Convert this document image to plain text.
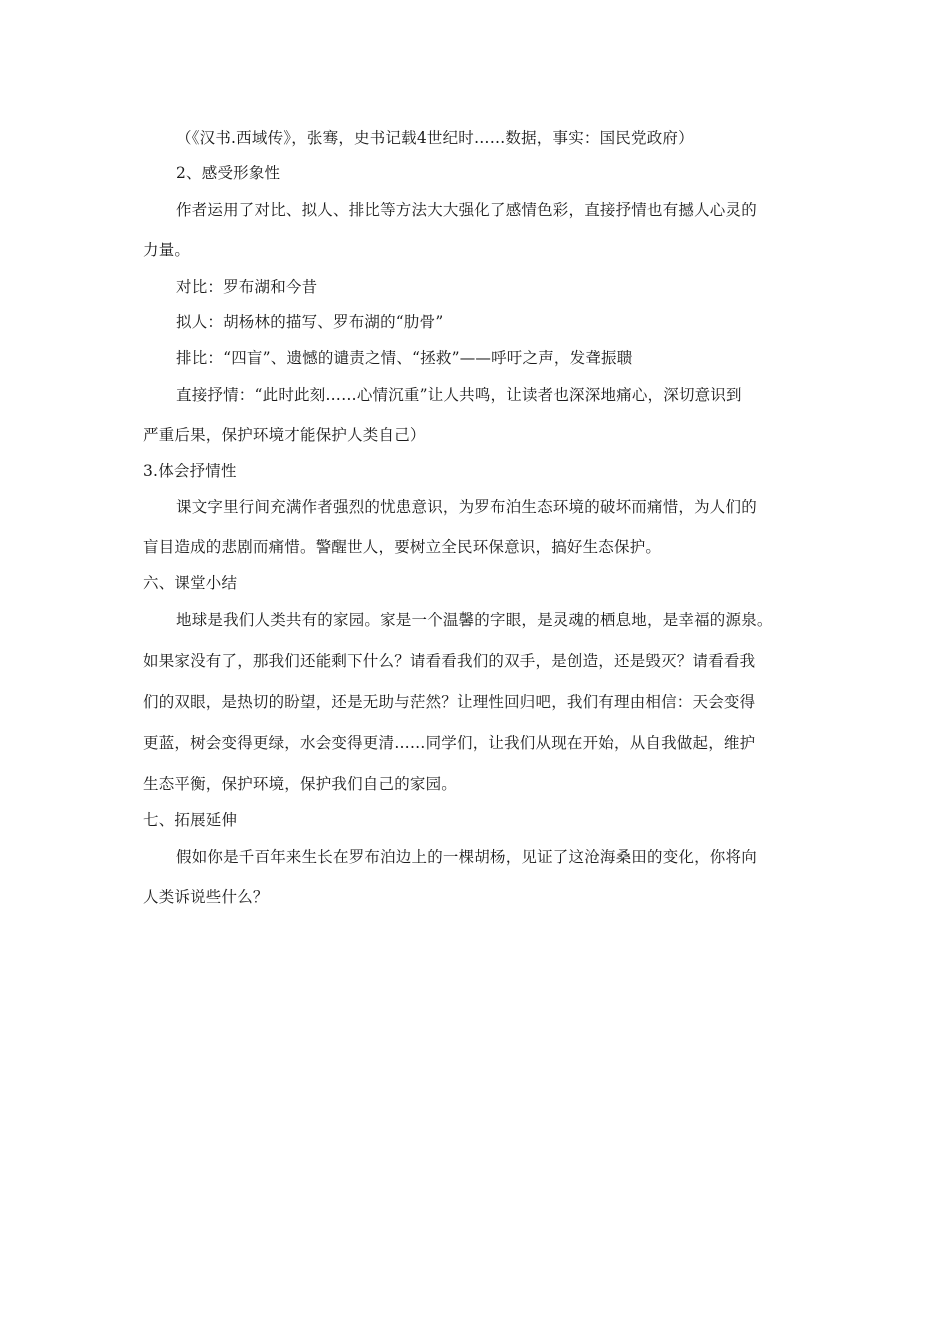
（《汉书.西域传》，张骞，史书记载4世纪时……数据，事实：国民党政府）
2、感受形象性
作者运用了对比、拟人、排比等方法大大强化了感情色彩，直接抒情也有撼人心灵的
力量。
对比：罗布湖和今昔
拟人：胡杨林的描写、罗布湖的“肋骨”
排比：“四盲”、遗憾的谴责之情、“拯救”——呼吁之声，发聋振聩
直接抒情：“此时此刻……心情沉重”让人共鸣，让读者也深深地痛心，深切意识到
严重后果，保护环境才能保护人类自己）
3.体会抒情性
课文字里行间充满作者强烈的忧患意识，为罗布泊生态环境的破坏而痛惜，为人们的
盲目造成的悲剧而痛惜。警醒世人，要树立全民环保意识，搞好生态保护。
六、课堂小结
地球是我们人类共有的家园。家是一个温馨的字眼，是灵魂的栖息地，是幸福的源泉。
如果家没有了，那我们还能剩下什么？请看看我们的双手，是创造，还是毁灭？请看看我
们的双眼，是热切的盼望，还是无助与茫然？让理性回归吧，我们有理由相信：天会变得
更蓝，树会变得更绿，水会变得更清……同学们，让我们从现在开始，从自我做起，维护
生态平衡，保护环境，保护我们自己的家园。
七、拓展延伸
假如你是千百年来生长在罗布泊边上的一棵胡杨，见证了这沧海桑田的变化，你将向
人类诉说些什么？
